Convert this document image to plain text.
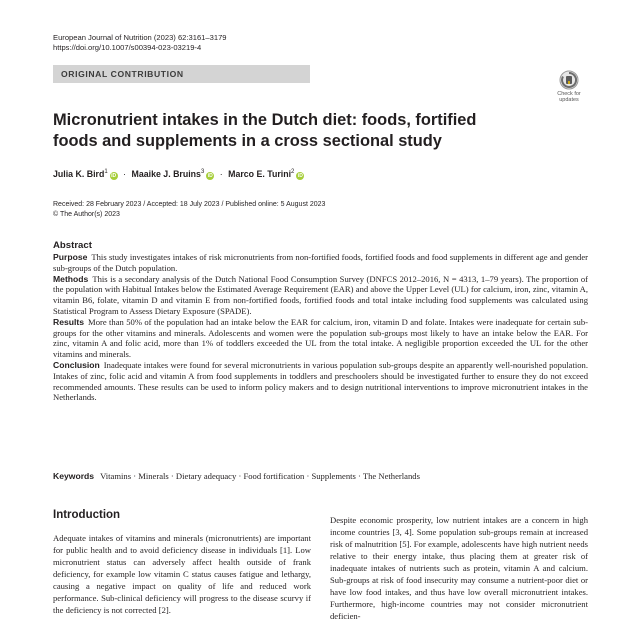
European Journal of Nutrition (2023) 62:3161–3179
https://doi.org/10.1007/s00394-023-03219-4
ORIGINAL CONTRIBUTION
Check for
updates
Micronutrient intakes in the Dutch diet: foods, fortified foods and supplements in a cross sectional study
Julia K. Bird$^1$iD · Maaike J. Bruins$^3$iD · Marco E. Turini$^2$iD
Received: 28 February 2023 / Accepted: 18 July 2023 / Published online: 5 August 2023
© The Author(s) 2023
Abstract

Purpose This study investigates intakes of risk micronutrients from non-fortified foods, fortified foods and food supplements in different age and gender sub-groups of the Dutch population.

Methods This is a secondary analysis of the Dutch National Food Consumption Survey (DNFCS 2012–2016, N = 4313, 1–79 years). The proportion of the population with Habitual Intakes below the Estimated Average Requirement (EAR) and above the Upper Level (UL) for calcium, iron, zinc, vitamin A, vitamin B6, folate, vitamin D and vitamin E from non-fortified foods, fortified foods and total intake including food supplements was calculated using Statistical Program to Assess Dietary Exposure (SPADE).

Results More than 50% of the population had an intake below the EAR for calcium, iron, vitamin D and folate. Intakes were inadequate for certain sub-groups for the other vitamins and minerals. Adolescents and women were the population sub-groups most likely to have an intake below the EAR. For zinc, vitamin A and folic acid, more than 1% of toddlers exceeded the UL from the total intake. A negligible proportion exceeded the UL for the other vitamins and minerals.

Conclusion Inadequate intakes were found for several micronutrients in various population sub-groups despite an apparently well-nourished population. Intakes of zinc, folic acid and vitamin A from food supplements in toddlers and preschoolers should be investigated further to ensure they do not exceed recommended amounts. These results can be used to inform policy makers and to design nutritional interventions to improve micronutrient intakes in the Netherlands.

Keywords Vitamins · Minerals · Dietary adequacy · Food fortification · Supplements · The Netherlands
Introduction

Adequate intakes of vitamins and minerals (micronutrients) are important for public health and to avoid deficiency disease in individuals [1]. Low micronutrient status can adversely affect health outside of frank deficiency, for example low vitamin C status causes fatigue and lethargy, causing a negative impact on quality of life and reduced work performance. Sub-clinical deficiency will progress to the disease scurvy if the deficiency is not corrected [2].

Despite economic prosperity, low nutrient intakes are a concern in high income countries [3, 4]. Some population sub-groups remain at increased risk of malnutrition [5]. For example, adolescents have high nutrient needs relative to their energy intake, thus placing them at greater risk of inadequate intakes of nutrients such as protein, vitamin A and calcium. Sub-groups at risk of food insecurity may consume a nutrient-poor diet or have low food intakes, and thus have low overall micronutrient intakes. Furthermore, high-income countries may not consider micronutrient deficien-
